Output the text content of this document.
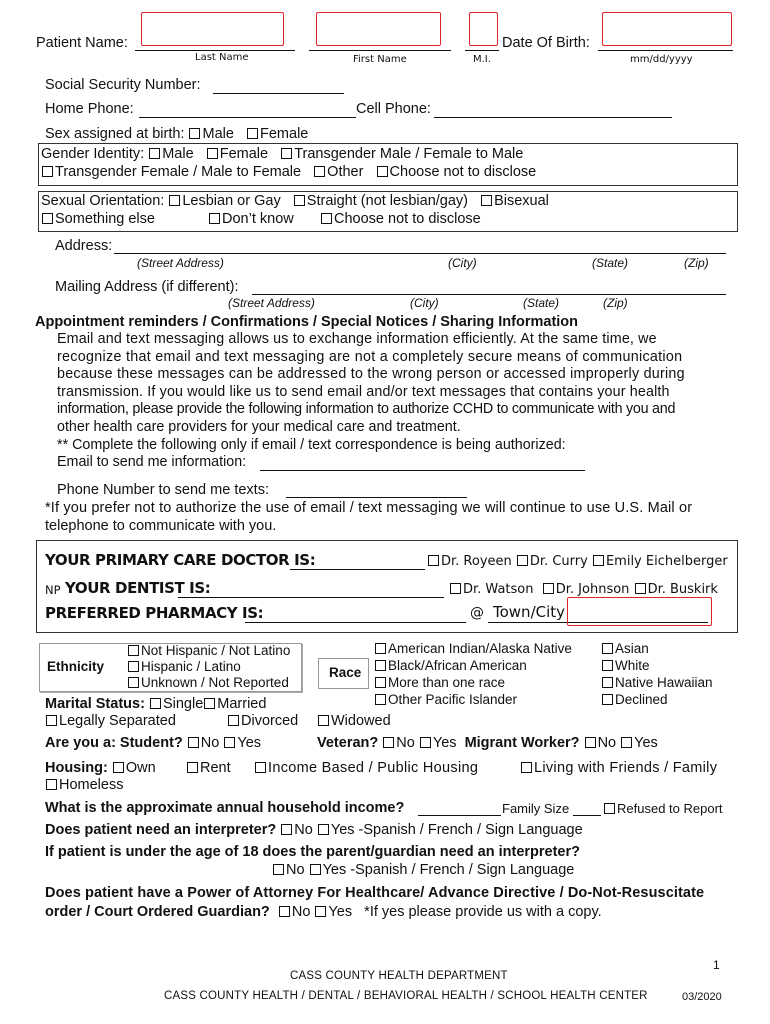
Patient Name:	Date Of Birth:
Last Name	First Name	M.I.	mm/dd/yyyy
Social Security Number:
Home Phone:	Cell Phone:
Sex assigned at birth: Male Female
Gender Identity: Male Female Transgender Male / Female to Male
Transgender Female / Male to Female Other Choose not to disclose
Sexual Orientation: Lesbian or Gay Straight (not lesbian/gay) Bisexual
Something else	Don’t know	Choose not to disclose
Address:
(Street Address)	(City)	(State)	(Zip)
Mailing Address (if different):
(Street Address)	(City)	(State)	(Zip)
Appointment reminders / Confirmations / Special Notices / Sharing Information
Email and text messaging allows us to exchange information efficiently. At the same time, we
recognize that email and text messaging are not a completely secure means of communication
because these messages can be addressed to the wrong person or accessed improperly during
transmission. If you would like us to send email and/or text messages that contains your health
information, please provide the following information to authorize CCHD to communicate with you and
other health care providers for your medical care and treatment.
** Complete the following only if email / text correspondence is being authorized:
Email to send me information:
Phone Number to send me texts:
*If you prefer not to authorize the use of email / text messaging we will continue to use U.S. Mail or
telephone to communicate with you.
YOUR PRIMARY CARE DOCTOR IS:	Dr. Royeen Dr. Curry Emily Eichelberger
NP YOUR DENTIST IS:	Dr. Watson Dr. Johnson Dr. Buskirk
PREFERRED PHARMACY IS:	@ Town/City
Ethnicity
Not Hispanic / Not Latino
Hispanic / Latino
Unknown / Not Reported
Race
American Indian/Alaska Native
Black/African American
More than one race
Other Pacific Islander
Asian
White
Native Hawaiian
Declined
Marital Status: Single Married
Legally Separated	Divorced	Widowed
Are you a: Student? No Yes	Veteran? No Yes Migrant Worker? No Yes
Housing: Own	Rent	Income Based / Public Housing	Living with Friends / Family
Homeless
What is the approximate annual household income?	Family Size	Refused to Report
Does patient need an interpreter? No Yes -Spanish / French / Sign Language
If patient is under the age of 18 does the parent/guardian need an interpreter?
No Yes -Spanish / French / Sign Language
Does patient have a Power of Attorney For Healthcare/ Advance Directive / Do-Not-Resuscitate
order / Court Ordered Guardian? No Yes *If yes please provide us with a copy.
1
CASS COUNTY HEALTH DEPARTMENT
CASS COUNTY HEALTH / DENTAL / BEHAVIORAL HEALTH / SCHOOL HEALTH CENTER	03/2020
